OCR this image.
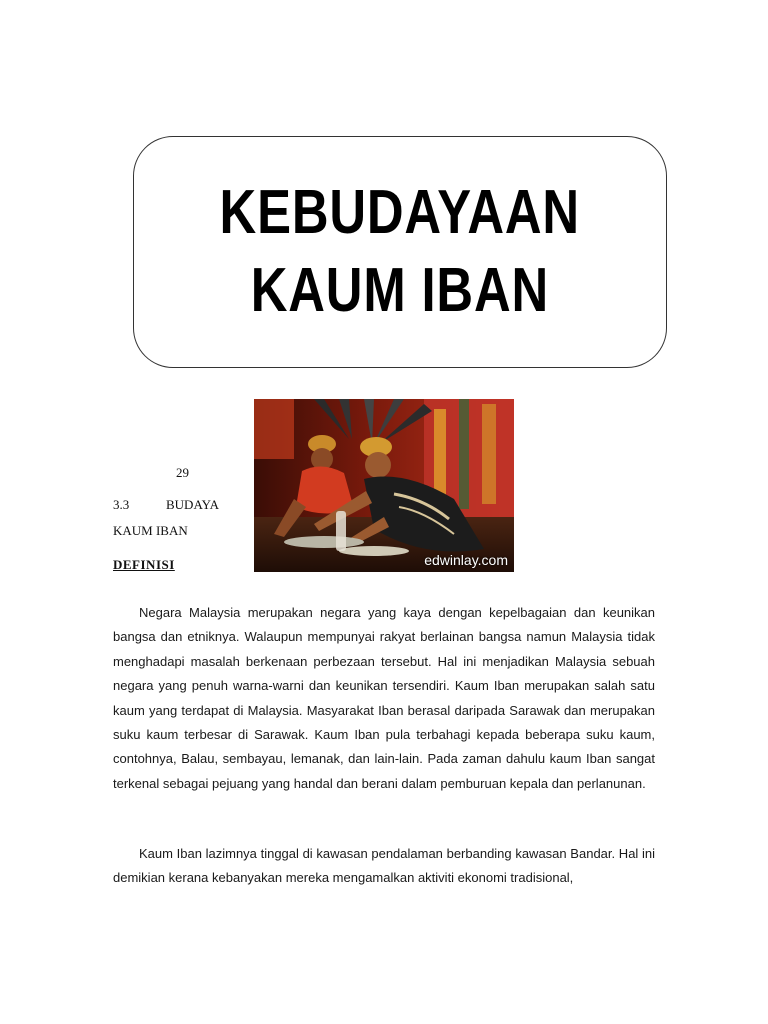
KEBUDAYAAN
KAUM IBAN
edwinlay.com
29
3.3	BUDAYA
KAUM IBAN
DEFINISI

Negara Malaysia merupakan negara yang kaya dengan kepelbagaian dan keunikan bangsa dan etniknya. Walaupun mempunyai rakyat berlainan bangsa namun Malaysia tidak menghadapi masalah berkenaan perbezaan tersebut. Hal ini menjadikan Malaysia sebuah negara yang penuh warna-warni dan keunikan tersendiri. Kaum Iban merupakan salah satu kaum yang terdapat di Malaysia. Masyarakat Iban berasal daripada Sarawak dan merupakan suku kaum terbesar di Sarawak. Kaum Iban pula terbahagi kepada beberapa suku kaum, contohnya, Balau, sembayau, lemanak, dan lain-lain. Pada zaman dahulu kaum Iban sangat terkenal sebagai pejuang yang handal dan berani dalam pemburuan kepala dan perlanunan.

Kaum Iban lazimnya tinggal di kawasan pendalaman berbanding kawasan Bandar. Hal ini demikian kerana kebanyakan mereka mengamalkan aktiviti ekonomi tradisional,
